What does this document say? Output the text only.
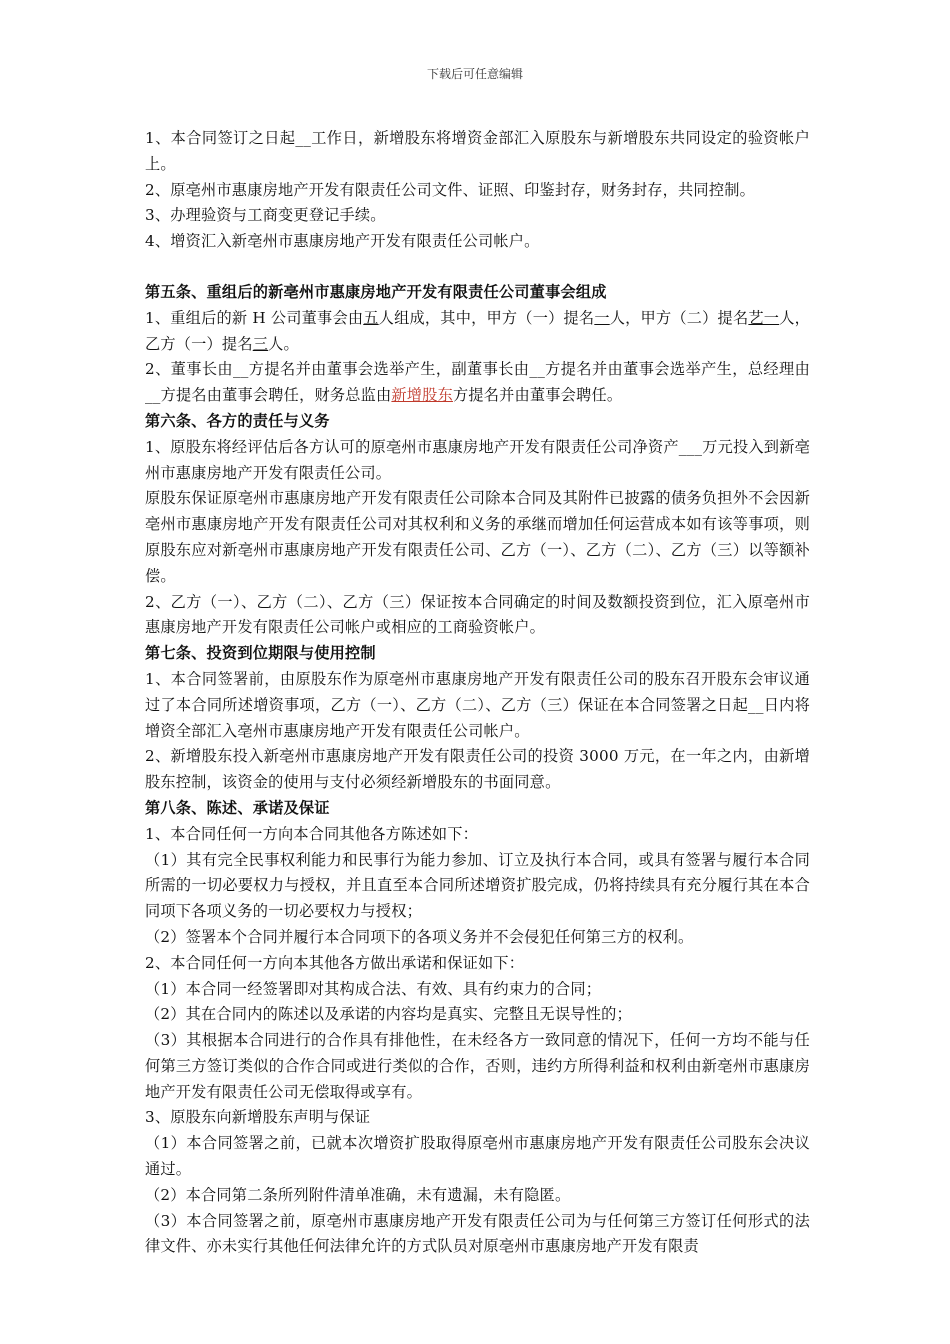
下载后可任意编辑

1、本合同签订之日起__工作日，新增股东将增资金部汇入原股东与新增股东共同设定的验资帐户上。

2、原亳州市惠康房地产开发有限责任公司文件、证照、印鉴封存，财务封存，共同控制。

3、办理验资与工商变更登记手续。

4、增资汇入新亳州市惠康房地产开发有限责任公司帐户。

第五条、重组后的新亳州市惠康房地产开发有限责任公司董事会组成

1、重组后的新 H 公司董事会由五人组成，其中，甲方（一）提名一人，甲方（二）提名艺一人，乙方（一）提名三人。

2、董事长由__方提名并由董事会选举产生，副董事长由__方提名并由董事会选举产生，总经理由__方提名由董事会聘任，财务总监由新增股东方提名并由董事会聘任。

第六条、各方的责任与义务

1、原股东将经评估后各方认可的原亳州市惠康房地产开发有限责任公司净资产___万元投入到新亳州市惠康房地产开发有限责任公司。

原股东保证原亳州市惠康房地产开发有限责任公司除本合同及其附件已披露的债务负担外不会因新亳州市惠康房地产开发有限责任公司对其权利和义务的承继而增加任何运营成本如有该等事项，则原股东应对新亳州市惠康房地产开发有限责任公司、乙方（一）、乙方（二）、乙方（三）以等额补偿。

2、乙方（一）、乙方（二）、乙方（三）保证按本合同确定的时间及数额投资到位，汇入原亳州市惠康房地产开发有限责任公司帐户或相应的工商验资帐户。

第七条、投资到位期限与使用控制

1、本合同签署前，由原股东作为原亳州市惠康房地产开发有限责任公司的股东召开股东会审议通过了本合同所述增资事项，乙方（一）、乙方（二）、乙方（三）保证在本合同签署之日起__日内将增资全部汇入亳州市惠康房地产开发有限责任公司帐户。

2、新增股东投入新亳州市惠康房地产开发有限责任公司的投资 3000 万元，在一年之内，由新增股东控制，该资金的使用与支付必须经新增股东的书面同意。

第八条、陈述、承诺及保证

1、本合同任何一方向本合同其他各方陈述如下：

（1）其有完全民事权利能力和民事行为能力参加、订立及执行本合同，或具有签署与履行本合同所需的一切必要权力与授权，并且直至本合同所述增资扩股完成，仍将持续具有充分履行其在本合同项下各项义务的一切必要权力与授权；

（2）签署本个合同并履行本合同项下的各项义务并不会侵犯任何第三方的权利。

2、本合同任何一方向本其他各方做出承诺和保证如下：

（1）本合同一经签署即对其构成合法、有效、具有约束力的合同；

（2）其在合同内的陈述以及承诺的内容均是真实、完整且无误导性的；

（3）其根据本合同进行的合作具有排他性，在未经各方一致同意的情况下，任何一方均不能与任何第三方签订类似的合作合同或进行类似的合作，否则，违约方所得利益和权利由新亳州市惠康房地产开发有限责任公司无偿取得或享有。

3、原股东向新增股东声明与保证

（1）本合同签署之前，已就本次增资扩股取得原亳州市惠康房地产开发有限责任公司股东会决议通过。

（2）本合同第二条所列附件清单准确，未有遗漏，未有隐匿。

（3）本合同签署之前，原亳州市惠康房地产开发有限责任公司为与任何第三方签订任何形式的法律文件、亦未实行其他任何法律允许的方式队员对原亳州市惠康房地产开发有限责
